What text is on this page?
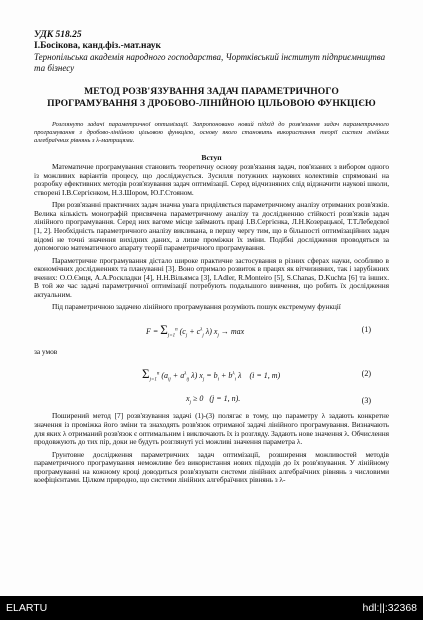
УДК 518.25
І.Босікова, канд.фіз.-мат.наук
Тернопільська академія народного господарства, Чортківський інститут підприємництва та бізнесу
МЕТОД РОЗВ'ЯЗУВАННЯ ЗАДАЧ ПАРАМЕТРИЧНОГО ПРОГРАМУВАННЯ З ДРОБОВО-ЛІНІЙНОЮ ЦІЛЬОВОЮ ФУНКЦІЄЮ

Розглянуто задачі параметричної оптимізації. Запропоновано новий підхід до розв'язання задач параметричного програмування з дробово-лінійною цільовою функцією, основу якого становить використання теорії систем лінійних алгебраїчних рівнянь з λ-матрицями.

Вступ

Математичне програмування становить теоретичну основу розв'язання задач, пов'язаних з вибором одного із можливих варіантів процесу, що досліджується. Зусилля потужних наукових колективів спрямовані на розробку ефективних методів розв'язування задач оптимізації. Серед відчизняних слід відзначити наукові школи, створені І.В.Сергієнком, Н.З.Шором, Ю.Г.Стояном.

При розв'язанні практичних задач значна увага приділяється параметричному аналізу отриманих розв'язків. Велика кількість монографій присвячена параметричному аналізу та дослідженню стійкості розв'язків задач лінійного програмування. Серед них вагоме місце займають праці І.В.Сергієнка, Л.Н.Козерацької, Т.Т.Лебедєвої [1, 2]. Необхідність параметричного аналізу викликана, в першу чергу тим, що в більшості оптимізаційних задач відомі не точні значення вихідних даних, а лише проміжки їх зміни. Подібні дослідження проводяться за допомогою математичного апарату теорії параметричного програмування.

Параметричне програмування дістало широке практичне застосування в різних сферах науки, особливо в економічних дослідженнях та плануванні [3]. Воно отримало розвиток в працях як вітчизняних, так і зарубіжних вчених: О.О.Ємця, А.А.Роскладки [4], Н.Н.Вільямса [3], I.Adler, R.Monteiro [5], S.Chanas, D.Kuchta [6] та інших. В той же час задачі параметричної оптимізації потребують подальшого вивчення, що робить їх дослідження актуальним.

Під параметричною задачею лінійного програмування розуміють пошук екстремуму функції

$F = \Sigma_{j=1}^n$ ($c_j + c^\lambda_j$ λ) $x_j \to \max$	(1)

за умов

$\Sigma_{j=1}^n$ ($a_{ij} + a^\lambda_{ij}$ λ) $x_j = b_i + b^\lambda_i$ λ    (i = 1, m)	(2)
$x_j \ge 0$ (j = 1, n).	(3)

Поширений метод [7] розв'язування задачі (1)-(3) полягає в тому, що параметру λ задають конкретне значення із проміжка його зміни та знаходять розв'язок отриманої задачі лінійного програмування. Визначають для яких λ отриманий розв'язок є оптимальним і виключають їх із розгляду. Задають нове значення λ. Обчислення продовжують до тих пір, доки не будуть розглянуті усі можливі значення параметра λ.

Грунтовне дослідження параметричних задач оптимізації, розширення можливостей методів параметричного програмування неможливе без використання нових підходів до їх розв'язування. У лінійному програмуванні на кожному кроці доводиться розв'язувати системи лінійних алгебраїчних рівнянь з числовими коефіцієнтами. Цілком природно, що системи лінійних алгебраїчних рівнянь з λ-

ELARTU	hdl:||:32368
